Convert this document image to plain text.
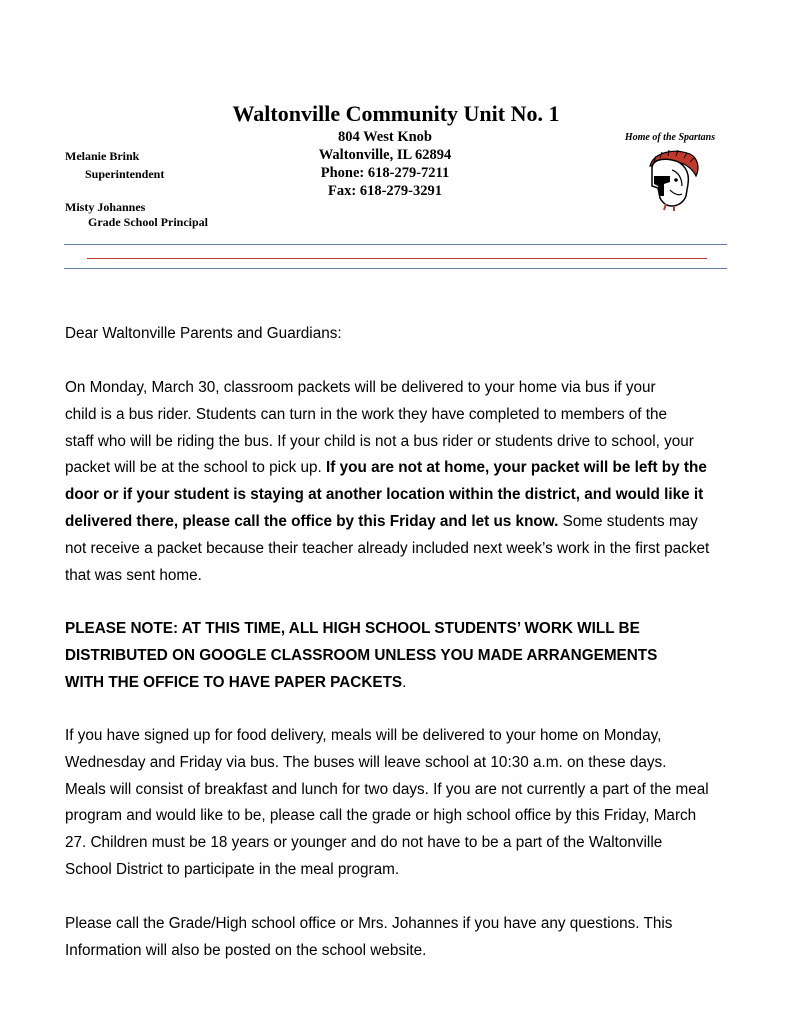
Waltonville Community Unit No. 1
804 West Knob
Waltonville, IL 62894
Phone: 618-279-7211
Fax: 618-279-3291
Melanie Brink
Superintendent
Misty Johannes
Grade School Principal
Home of the Spartans

Dear Waltonville Parents and Guardians:

On Monday, March 30, classroom packets will be delivered to your home via bus if your

child is a bus rider. Students can turn in the work they have completed to members of the

staff who will be riding the bus. If your child is not a bus rider or students drive to school, your

packet will be at the school to pick up. If you are not at home, your packet will be left by the

door or if your student is staying at another location within the district, and would like it

delivered there, please call the office by this Friday and let us know. Some students may

not receive a packet because their teacher already included next week’s work in the first packet

that was sent home.

PLEASE NOTE: AT THIS TIME, ALL HIGH SCHOOL STUDENTS’ WORK WILL BE

DISTRIBUTED ON GOOGLE CLASSROOM UNLESS YOU MADE ARRANGEMENTS

WITH THE OFFICE TO HAVE PAPER PACKETS.

If you have signed up for food delivery, meals will be delivered to your home on Monday,

Wednesday and Friday via bus. The buses will leave school at 10:30 a.m. on these days.

Meals will consist of breakfast and lunch for two days. If you are not currently a part of the meal

program and would like to be, please call the grade or high school office by this Friday, March

27. Children must be 18 years or younger and do not have to be a part of the Waltonville

School District to participate in the meal program.

Please call the Grade/High school office or Mrs. Johannes if you have any questions. This

Information will also be posted on the school website.
